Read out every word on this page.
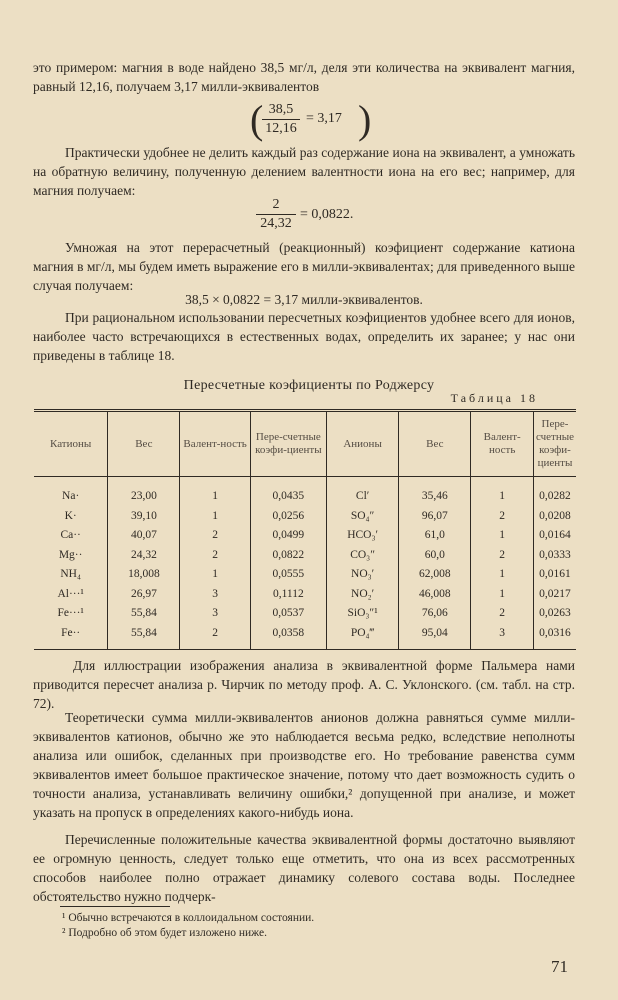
это примером: магния в воде найдено 38,5 мг/л, деля эти количества на эквивалент магния, равный 12,16, получаем 3,17 милли-эквивалентов

( 38,5
12,16
= 3,17 )

Практически удобнее не делить каждый раз содержание иона на эквивалент, а умножать на обратную величину, полученную делением валентности иона на его вес; например, для магния получаем:

2
24,32
= 0,0822.

Умножая на этот перерасчетный (реакционный) коэфициент содержание катиона магния в мг/л, мы будем иметь выражение его в милли-эквивалентах; для приведенного выше случая получаем:

38,5 × 0,0822 = 3,17 милли-эквивалентов.

При рациональном использовании пересчетных коэфициентов удобнее всего для ионов, наиболее часто встречающихся в естественных водах, определить их заранее; у нас они приведены в таблице 18.

Пересчетные коэфициенты по Роджерсу
Таблица 18
Катионы	Вес	Валент-ность	Пере-счетные коэфи-циенты	Анионы	Вес	Валент-ность	Пере-счетные коэфи-циенты
Na·	23,00	1	0,0435	Cl′	35,46	1	0,0282
K·	39,10	1	0,0256	SO₄″	96,07	2	0,0208
Ca··	40,07	2	0,0499	HCO₃′	61,0	1	0,0164
Mg··	24,32	2	0,0822	CO₃″	60,0	2	0,0333
NH₄	18,008	1	0,0555	NO₃′	62,008	1	0,0161
Al···¹	26,97	3	0,1112	NO₂′	46,008	1	0,0217
Fe···¹	55,84	3	0,0537	SiO₃″¹	76,06	2	0,0263
Fe··	55,84	2	0,0358	PO₄‴	95,04	3	0,0316

Для иллюстрации изображения анализа в эквивалентной форме Пальмера нами приводится пересчет анализа р. Чирчик по методу проф. А. С. Уклонского. (см. табл. на стр. 72).

Теоретически сумма милли-эквивалентов анионов должна равняться сумме милли-эквивалентов катионов, обычно же это наблюдается весьма редко, вследствие неполноты анализа или ошибок, сделанных при производстве его. Но требование равенства сумм эквивалентов имеет большое практическое значение, потому что дает возможность судить о точности анализа, устанавливать величину ошибки,² допущенной при анализе, и может указать на пропуск в определениях какого-нибудь иона.

Перечисленные положительные качества эквивалентной формы достаточно выявляют ее огромную ценность, следует только еще отметить, что она из всех рассмотренных способов наиболее полно отражает динамику солевого состава воды. Последнее обстоятельство нужно подчерк-

¹ Обычно встречаются в коллоидальном состоянии.
² Подробно об этом будет изложено ниже.
71
